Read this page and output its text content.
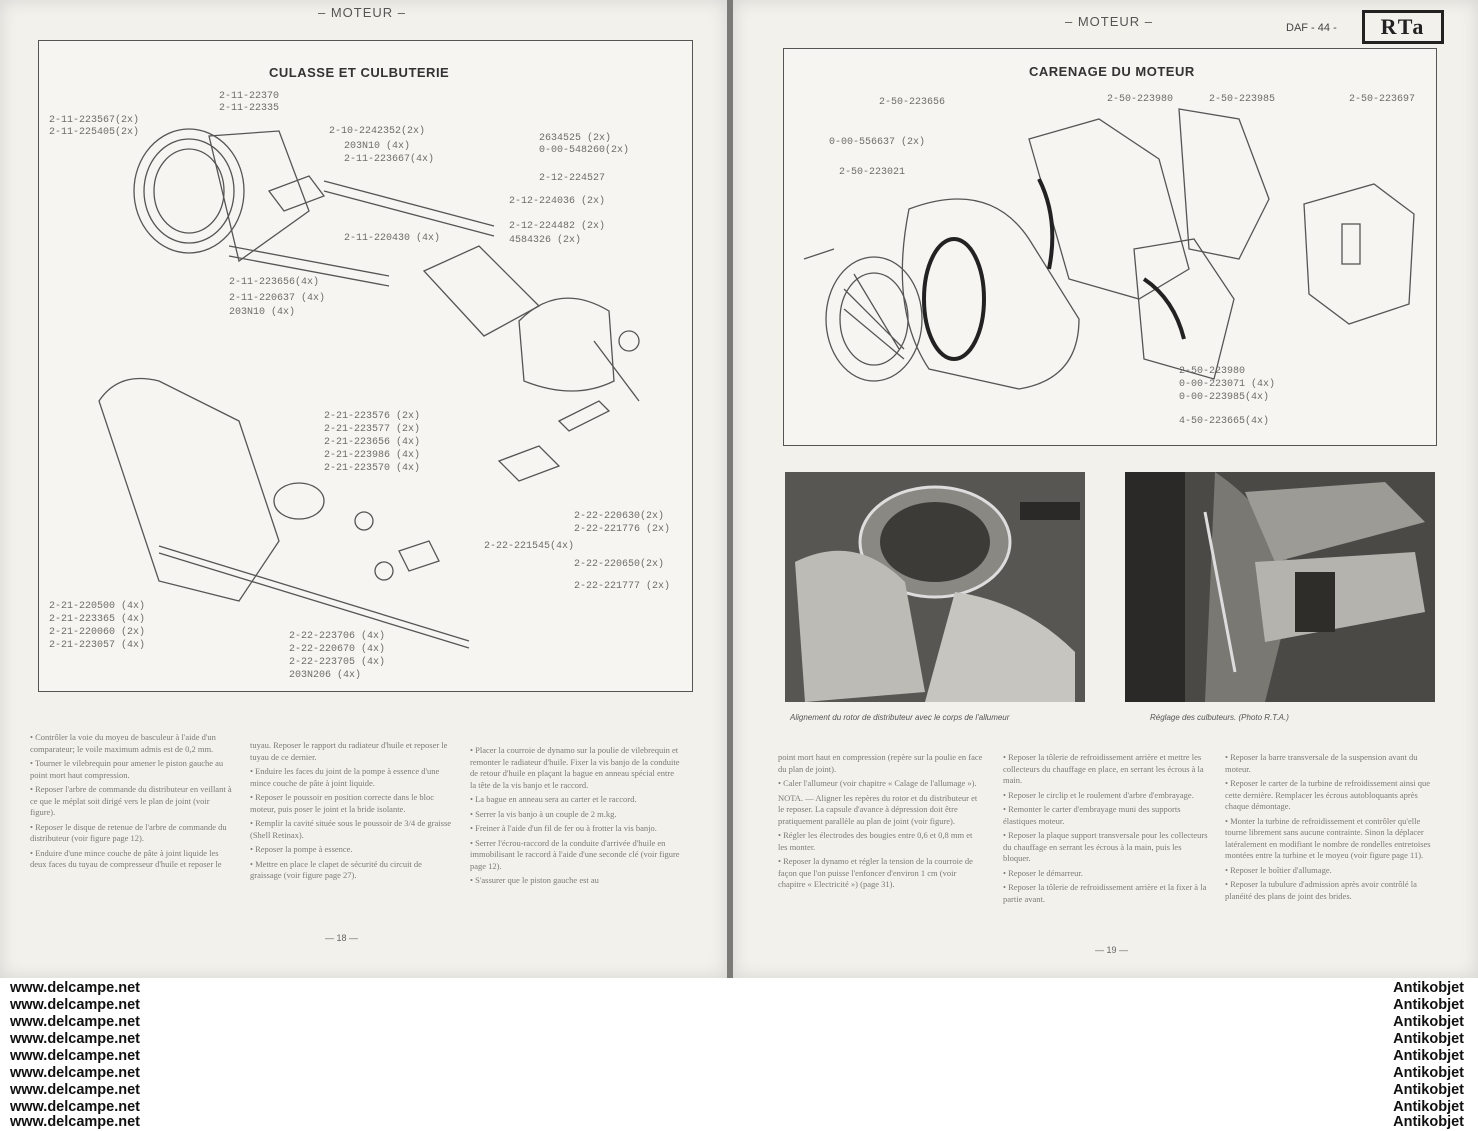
– MOTEUR –
CULASSE ET CULBUTERIE
2-11-22370
2-11-22335
2-11-223567(2x)
2-11-225405(2x)	2-10-2242352(2x)
203N10 (4x)
2-11-223667(4x)
2634525 (2x)
0-00-548260(2x)
2-12-224527
2-12-224036 (2x)
2-12-224482 (2x)
4584326 (2x)
2-11-220430 (4x)
2-11-223656(4x)
2-11-220637 (4x)
203N10 (4x)
2-21-223576 (2x)
2-21-223577 (2x)
2-21-223656 (4x)
2-21-223986 (4x)
2-21-223570 (4x)
2-22-220630(2x)
2-22-221776 (2x)
2-22-221545(4x)
2-22-220650(2x)
2-22-221777 (2x)
2-21-220500 (4x)
2-21-223365 (4x)
2-21-220060 (2x)
2-21-223057 (4x)
2-22-223706 (4x)
2-22-220670 (4x)
2-22-223705 (4x)
203N206 (4x)

• Contrôler la voie du moyeu de basculeur à l'aide d'un comparateur; le voile maximum admis est de 0,2 mm.

• Tourner le vilebrequin pour amener le piston gauche au point mort haut compression.

• Reposer l'arbre de commande du distributeur en veillant à ce que le méplat soit dirigé vers le plan de joint (voir figure).

• Reposer le disque de retenue de l'arbre de commande du distributeur (voir figure page 12).

• Enduire d'une mince couche de pâte à joint liquide les deux faces du tuyau de compresseur d'huile et reposer le

tuyau. Reposer le rapport du radiateur d'huile et reposer le tuyau de ce dernier.

• Enduire les faces du joint de la pompe à essence d'une mince couche de pâte à joint liquide.

• Reposer le poussoir en position correcte dans le bloc moteur, puis poser le joint et la bride isolante.

• Remplir la cavité située sous le poussoir de 3/4 de graisse (Shell Retinax).

• Reposer la pompe à essence.

• Mettre en place le clapet de sécurité du circuit de graissage (voir figure page 27).

• Placer la courroie de dynamo sur la poulie de vilebrequin et remonter le radiateur d'huile. Fixer la vis banjo de la conduite de retour d'huile en plaçant la bague en anneau spécial entre la tête de la vis banjo et le raccord.

• La bague en anneau sera au carter et le raccord.

• Serrer la vis banjo à un couple de 2 m.kg.

• Freiner à l'aide d'un fil de fer ou à frotter la vis banjo.

• Serrer l'écrou-raccord de la conduite d'arrivée d'huile en immobilisant le raccord à l'aide d'une seconde clé (voir figure page 12).

• S'assurer que le piston gauche est au

— 18 —
– MOTEUR –	DAF - 44 -	RTa
CARENAGE DU MOTEUR
2-50-223656
0-00-556637 (2x)
2-50-223021
2-50-223980	2-50-223985	2-50-223697
2-50-223980
0-00-223071 (4x)
0-00-223985(4x)
4-50-223665(4x)
Alignement du rotor de distributeur avec le corps de l'allumeur	Réglage des culbuteurs. (Photo R.T.A.)

point mort haut en compression (repère sur la poulie en face du plan de joint).

• Caler l'allumeur (voir chapitre « Calage de l'allumage »).

NOTA. — Aligner les repères du rotor et du distributeur et le reposer. La capsule d'avance à dépression doit être pratiquement parallèle au plan de joint (voir figure).

• Régler les électrodes des bougies entre 0,6 et 0,8 mm et les monter.

• Reposer la dynamo et régler la tension de la courroie de façon que l'on puisse l'enfoncer d'environ 1 cm (voir chapitre « Electricité ») (page 31).

• Reposer la tôlerie de refroidissement arrière et mettre les collecteurs du chauffage en place, en serrant les écrous à la main.

• Reposer le circlip et le roulement d'arbre d'embrayage.

• Remonter le carter d'embrayage muni des supports élastiques moteur.

• Reposer la plaque support transversale pour les collecteurs du chauffage en serrant les écrous à la main, puis les bloquer.

• Reposer le démarreur.

• Reposer la tôlerie de refroidissement arrière et la fixer à la partie avant.

• Reposer la barre transversale de la suspension avant du moteur.

• Reposer le carter de la turbine de refroidissement ainsi que cette dernière. Remplacer les écrous autobloquants après chaque démontage.

• Monter la turbine de refroidissement et contrôler qu'elle tourne librement sans aucune contrainte. Sinon la déplacer latéralement en modifiant le nombre de rondelles entretoises montées entre la turbine et le moyeu (voir figure page 11).

• Reposer le boîtier d'allumage.

• Reposer la tubulure d'admission après avoir contrôlé la planéité des plans de joint des brides.

— 19 —
www.delcampe.net
www.delcampe.net
www.delcampe.net
www.delcampe.net
www.delcampe.net
www.delcampe.net
www.delcampe.net
www.delcampe.net
www.delcampe.net
Antikobjet
Antikobjet
Antikobjet
Antikobjet
Antikobjet
Antikobjet
Antikobjet
Antikobjet
Antikobjet
